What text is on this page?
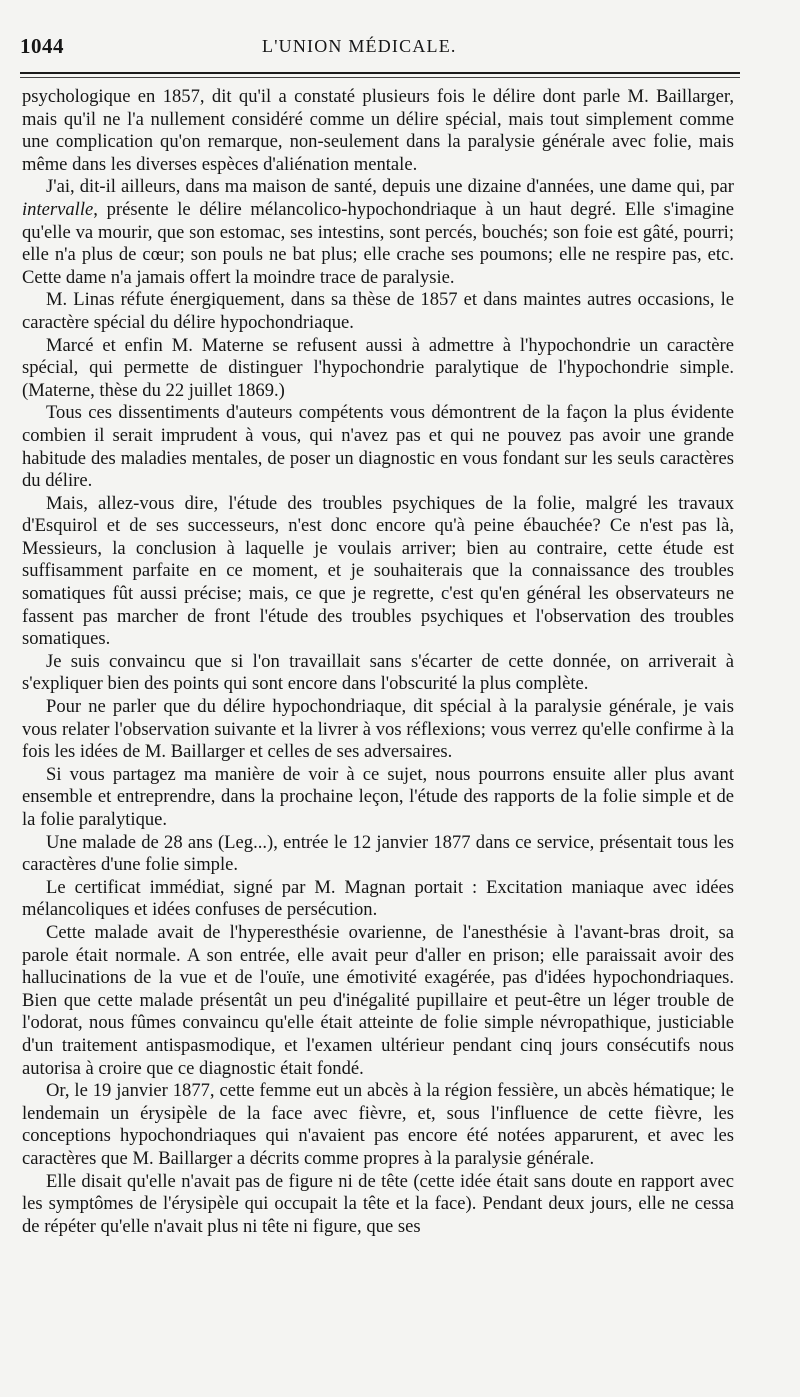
1044	L'UNION MÉDICALE.

psychologique en 1857, dit qu'il a constaté plusieurs fois le délire dont parle M. Baillarger, mais qu'il ne l'a nullement considéré comme un délire spécial, mais tout simplement comme une complication qu'on remarque, non-seulement dans la paralysie générale avec folie, mais même dans les diverses espèces d'aliénation mentale.

J'ai, dit-il ailleurs, dans ma maison de santé, depuis une dizaine d'années, une dame qui, par intervalle, présente le délire mélancolico-hypochondriaque à un haut degré. Elle s'imagine qu'elle va mourir, que son estomac, ses intestins, sont percés, bouchés; son foie est gâté, pourri; elle n'a plus de cœur; son pouls ne bat plus; elle crache ses poumons; elle ne respire pas, etc. Cette dame n'a jamais offert la moindre trace de paralysie.

M. Linas réfute énergiquement, dans sa thèse de 1857 et dans maintes autres occasions, le caractère spécial du délire hypochondriaque.

Marcé et enfin M. Materne se refusent aussi à admettre à l'hypochondrie un caractère spécial, qui permette de distinguer l'hypochondrie paralytique de l'hypochondrie simple. (Materne, thèse du 22 juillet 1869.)

Tous ces dissentiments d'auteurs compétents vous démontrent de la façon la plus évidente combien il serait imprudent à vous, qui n'avez pas et qui ne pouvez pas avoir une grande habitude des maladies mentales, de poser un diagnostic en vous fondant sur les seuls caractères du délire.

Mais, allez-vous dire, l'étude des troubles psychiques de la folie, malgré les travaux d'Esquirol et de ses successeurs, n'est donc encore qu'à peine ébauchée? Ce n'est pas là, Messieurs, la conclusion à laquelle je voulais arriver; bien au contraire, cette étude est suffisamment parfaite en ce moment, et je souhaiterais que la connaissance des troubles somatiques fût aussi précise; mais, ce que je regrette, c'est qu'en général les observateurs ne fassent pas marcher de front l'étude des troubles psychiques et l'observation des troubles somatiques.

Je suis convaincu que si l'on travaillait sans s'écarter de cette donnée, on arriverait à s'expliquer bien des points qui sont encore dans l'obscurité la plus complète.

Pour ne parler que du délire hypochondriaque, dit spécial à la paralysie générale, je vais vous relater l'observation suivante et la livrer à vos réflexions; vous verrez qu'elle confirme à la fois les idées de M. Baillarger et celles de ses adversaires.

Si vous partagez ma manière de voir à ce sujet, nous pourrons ensuite aller plus avant ensemble et entreprendre, dans la prochaine leçon, l'étude des rapports de la folie simple et de la folie paralytique.

Une malade de 28 ans (Leg...), entrée le 12 janvier 1877 dans ce service, présentait tous les caractères d'une folie simple.

Le certificat immédiat, signé par M. Magnan portait : Excitation maniaque avec idées mélancoliques et idées confuses de persécution.

Cette malade avait de l'hyperesthésie ovarienne, de l'anesthésie à l'avant-bras droit, sa parole était normale. A son entrée, elle avait peur d'aller en prison; elle paraissait avoir des hallucinations de la vue et de l'ouïe, une émotivité exagérée, pas d'idées hypochondriaques. Bien que cette malade présentât un peu d'inégalité pupillaire et peut-être un léger trouble de l'odorat, nous fûmes convaincu qu'elle était atteinte de folie simple névropathique, justiciable d'un traitement antispasmodique, et l'examen ultérieur pendant cinq jours consécutifs nous autorisa à croire que ce diagnostic était fondé.

Or, le 19 janvier 1877, cette femme eut un abcès à la région fessière, un abcès hématique; le lendemain un érysipèle de la face avec fièvre, et, sous l'influence de cette fièvre, les conceptions hypochondriaques qui n'avaient pas encore été notées apparurent, et avec les caractères que M. Baillarger a décrits comme propres à la paralysie générale.

Elle disait qu'elle n'avait pas de figure ni de tête (cette idée était sans doute en rapport avec les symptômes de l'érysipèle qui occupait la tête et la face). Pendant deux jours, elle ne cessa de répéter qu'elle n'avait plus ni tête ni figure, que ses
